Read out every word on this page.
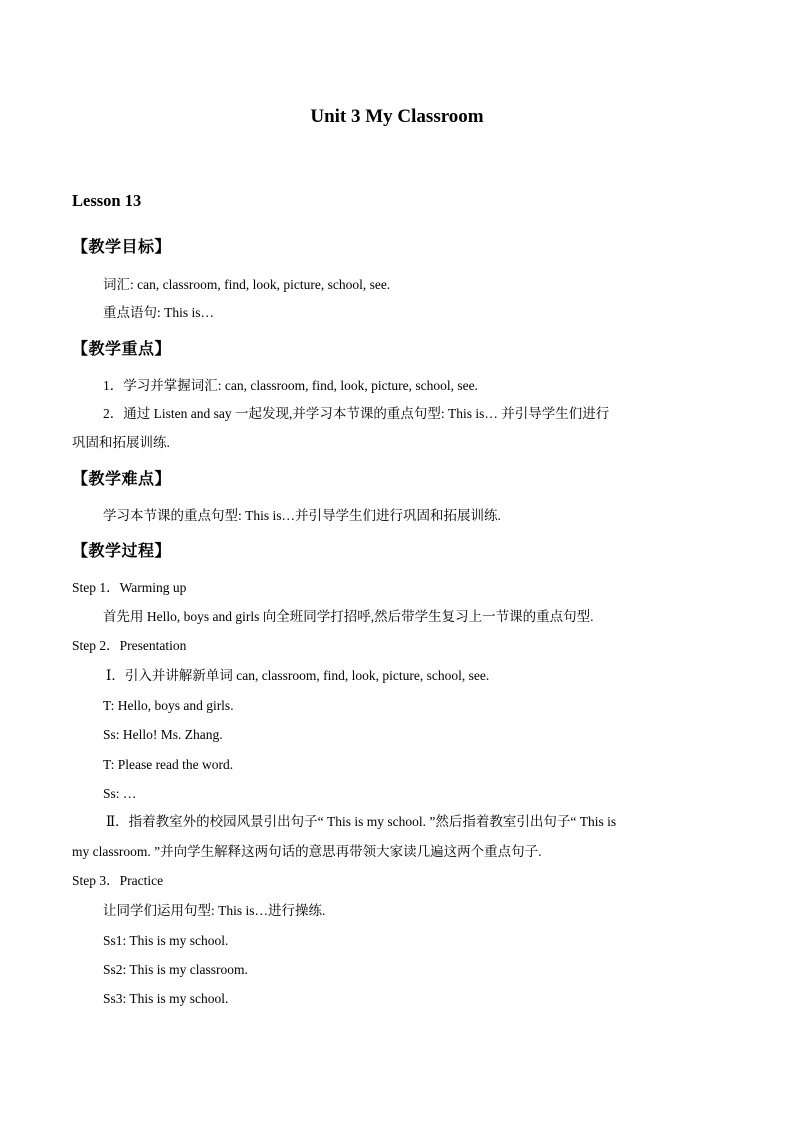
Unit 3 My Classroom
Lesson 13
【教学目标】
词汇: can, classroom, find, look, picture, school, see.
重点语句: This is…
【教学重点】
1．学习并掌握词汇: can, classroom, find, look, picture, school, see.
2．通过 Listen and say 一起发现,并学习本节课的重点句型: This is… 并引导学生们进行
巩固和拓展训练.
【教学难点】
学习本节课的重点句型: This is…并引导学生们进行巩固和拓展训练.
【教学过程】
Step 1．Warming up
首先用 Hello, boys and girls 向全班同学打招呼,然后带学生复习上一节课的重点句型.
Step 2．Presentation
Ⅰ．引入并讲解新单词 can, classroom, find, look, picture, school, see.
T: Hello, boys and girls.
Ss: Hello! Ms. Zhang.
T: Please read the word.
Ss: …
Ⅱ．指着教室外的校园风景引出句子“ This is my school. ”然后指着教室引出句子“ This is
my classroom. ”并向学生解释这两句话的意思再带领大家读几遍这两个重点句子.
Step 3．Practice
让同学们运用句型: This is…进行操练.
Ss1: This is my school.
Ss2: This is my classroom.
Ss3: This is my school.
